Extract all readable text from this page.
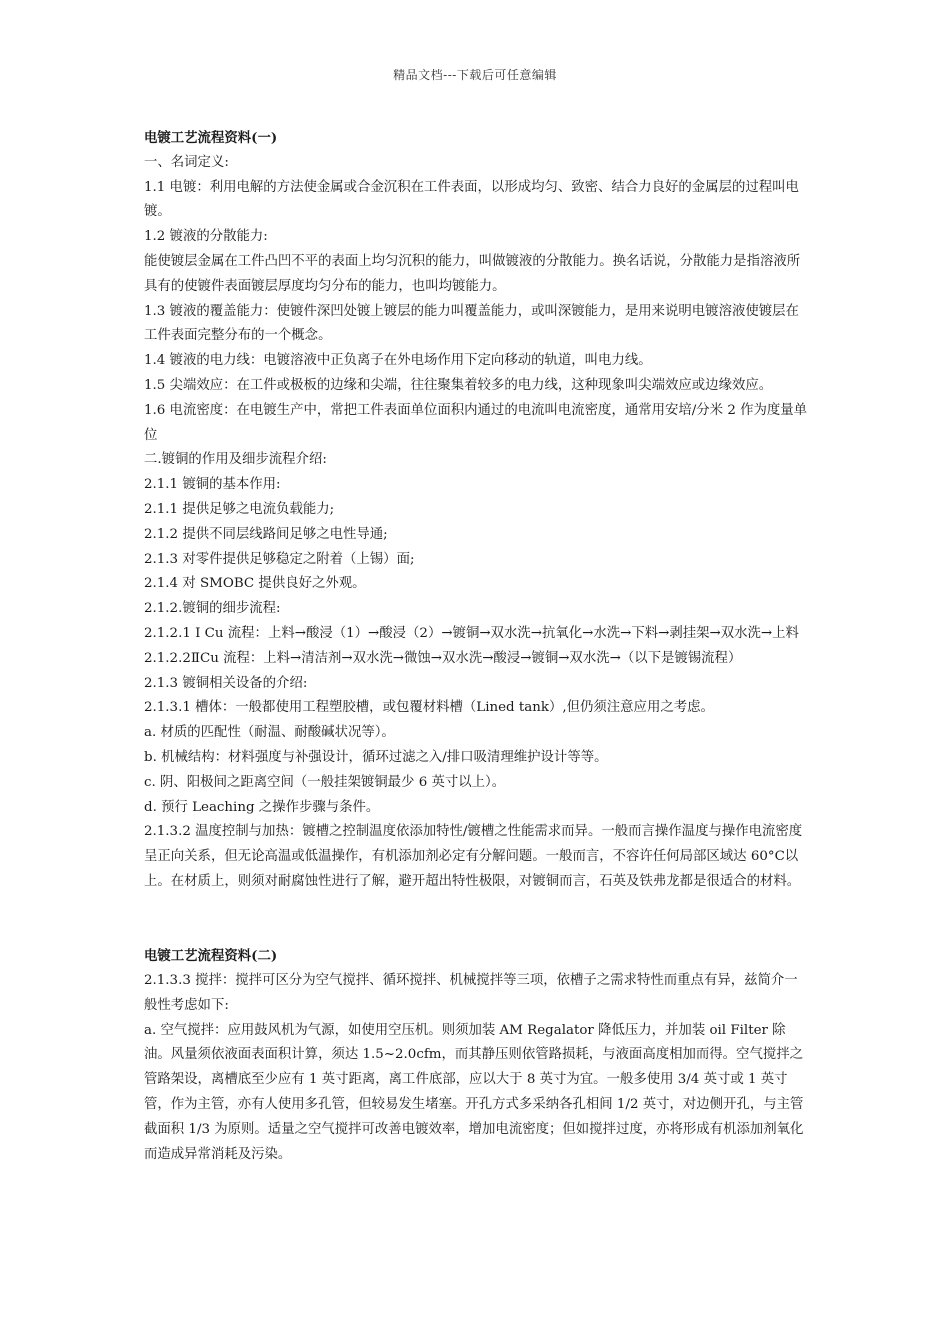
精品文档---下载后可任意编辑

电镀工艺流程资料(一)

一、名词定义:

1.1 电镀：利用电解的方法使金属或合金沉积在工件表面，以形成均匀、致密、结合力良好的金属层的过程叫电镀。

1.2 镀液的分散能力:

能使镀层金属在工件凸凹不平的表面上均匀沉积的能力，叫做镀液的分散能力。换名话说，分散能力是指溶液所具有的使镀件表面镀层厚度均匀分布的能力，也叫均镀能力。

1.3 镀液的覆盖能力：使镀件深凹处镀上镀层的能力叫覆盖能力，或叫深镀能力，是用来说明电镀溶液使镀层在工件表面完整分布的一个概念。

1.4 镀液的电力线：电镀溶液中正负离子在外电场作用下定向移动的轨道，叫电力线。

1.5 尖端效应：在工件或极板的边缘和尖端，往往聚集着较多的电力线，这种现象叫尖端效应或边缘效应。

1.6 电流密度：在电镀生产中，常把工件表面单位面积内通过的电流叫电流密度，通常用安培/分米 2 作为度量单位

二.镀铜的作用及细步流程介绍:

2.1.1 镀铜的基本作用:

2.1.1 提供足够之电流负载能力;

2.1.2 提供不同层线路间足够之电性导通;

2.1.3 对零件提供足够稳定之附着（上锡）面;

2.1.4 对 SMOBC 提供良好之外观。

2.1.2.镀铜的细步流程:

2.1.2.1 Ⅰ Cu 流程：上料→酸浸（1）→酸浸（2）→镀铜→双水洗→抗氧化→水洗→下料→剥挂架→双水洗→上料

2.1.2.2ⅡCu 流程：上料→清洁剂→双水洗→微蚀→双水洗→酸浸→镀铜→双水洗→（以下是镀锡流程）

2.1.3 镀铜相关设备的介绍:

2.1.3.1 槽体：一般都使用工程塑胶槽，或包覆材料槽（Lined tank）,但仍须注意应用之考虑。

a. 材质的匹配性（耐温、耐酸碱状况等）。

b. 机械结构：材料强度与补强设计，循环过滤之入/排口吸清理维护设计等等。

c. 阴、阳极间之距离空间（一般挂架镀铜最少 6 英寸以上）。

d. 预行 Leaching 之操作步骤与条件。

2.1.3.2 温度控制与加热：镀槽之控制温度依添加特性/镀槽之性能需求而异。一般而言操作温度与操作电流密度呈正向关系，但无论高温或低温操作，有机添加剂必定有分解问题。一般而言，不容许任何局部区域达 60°C以上。在材质上，则须对耐腐蚀性进行了解，避开超出特性极限，对镀铜而言，石英及铁弗龙都是很适合的材料。

电镀工艺流程资料(二)

2.1.3.3 搅拌：搅拌可区分为空气搅拌、循环搅拌、机械搅拌等三项，依槽子之需求特性而重点有异，兹简介一般性考虑如下:

a. 空气搅拌：应用鼓风机为气源，如使用空压机。则须加装 AM Regalator 降低压力，并加装 oil Filter 除油。风量须依液面表面积计算，须达 1.5~2.0cfm，而其静压则依管路损耗，与液面高度相加而得。空气搅拌之管路架设，离槽底至少应有 1 英寸距离，离工件底部，应以大于 8 英寸为宜。一般多使用 3/4 英寸或 1 英寸管，作为主管，亦有人使用多孔管，但较易发生堵塞。开孔方式多采纳各孔相间 1/2 英寸，对边侧开孔，与主管截面积 1/3 为原则。适量之空气搅拌可改善电镀效率，增加电流密度；但如搅拌过度，亦将形成有机添加剂氧化而造成异常消耗及污染。
